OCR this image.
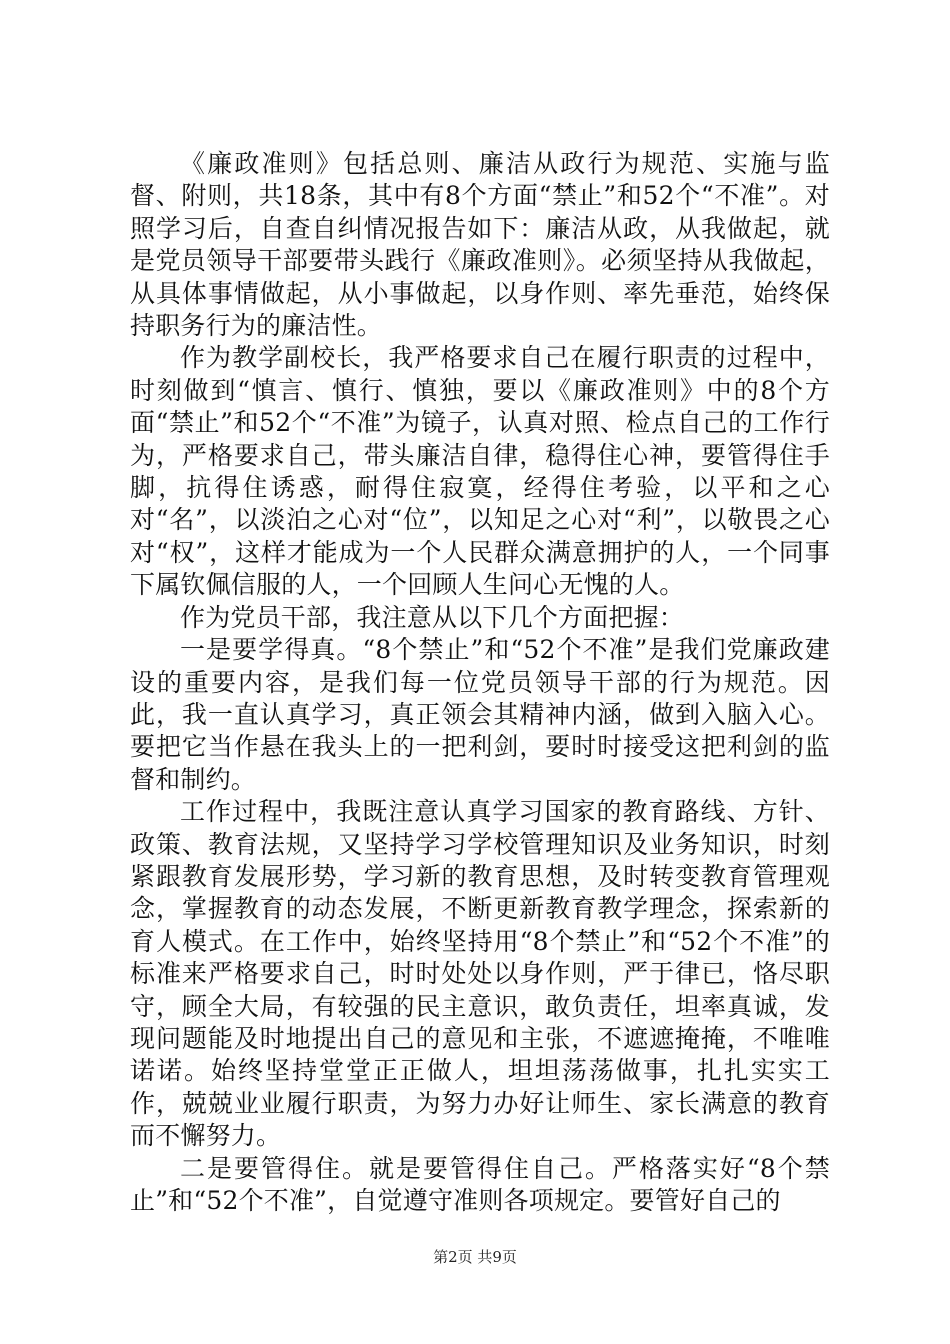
《廉政准则》包括总则、廉洁从政行为规范、实施与监督、附则，共18条，其中有8个方面“禁止”和52个“不准”。对照学习后，自查自纠情况报告如下：廉洁从政，从我做起，就是党员领导干部要带头践行《廉政准则》。必须坚持从我做起，从具体事情做起，从小事做起，以身作则、率先垂范，始终保持职务行为的廉洁性。

作为教学副校长，我严格要求自己在履行职责的过程中，时刻做到“慎言、慎行、慎独，要以《廉政准则》中的8个方面“禁止”和52个“不准”为镜子，认真对照、检点自己的工作行为，严格要求自己，带头廉洁自律，稳得住心神，要管得住手脚，抗得住诱惑，耐得住寂寞，经得住考验，以平和之心对“名”，以淡泊之心对“位”，以知足之心对“利”，以敬畏之心对“权”，这样才能成为一个人民群众满意拥护的人，一个同事下属钦佩信服的人，一个回顾人生问心无愧的人。

作为党员干部，我注意从以下几个方面把握：

一是要学得真。“8个禁止”和“52个不准”是我们党廉政建设的重要内容，是我们每一位党员领导干部的行为规范。因此，我一直认真学习，真正领会其精神内涵，做到入脑入心。要把它当作悬在我头上的一把利剑，要时时接受这把利剑的监督和制约。

工作过程中，我既注意认真学习国家的教育路线、方针、政策、教育法规，又坚持学习学校管理知识及业务知识，时刻紧跟教育发展形势，学习新的教育思想，及时转变教育管理观念，掌握教育的动态发展，不断更新教育教学理念，探索新的育人模式。在工作中，始终坚持用“8个禁止”和“52个不准”的标准来严格要求自己，时时处处以身作则，严于律已，恪尽职守，顾全大局，有较强的民主意识，敢负责任，坦率真诚，发现问题能及时地提出自己的意见和主张，不遮遮掩掩，不唯唯诺诺。始终坚持堂堂正正做人，坦坦荡荡做事，扎扎实实工作，兢兢业业履行职责，为努力办好让师生、家长满意的教育而不懈努力。

二是要管得住。就是要管得住自己。严格落实好“8个禁止”和“52个不准”，自觉遵守准则各项规定。要管好自己的

第2页 共9页
